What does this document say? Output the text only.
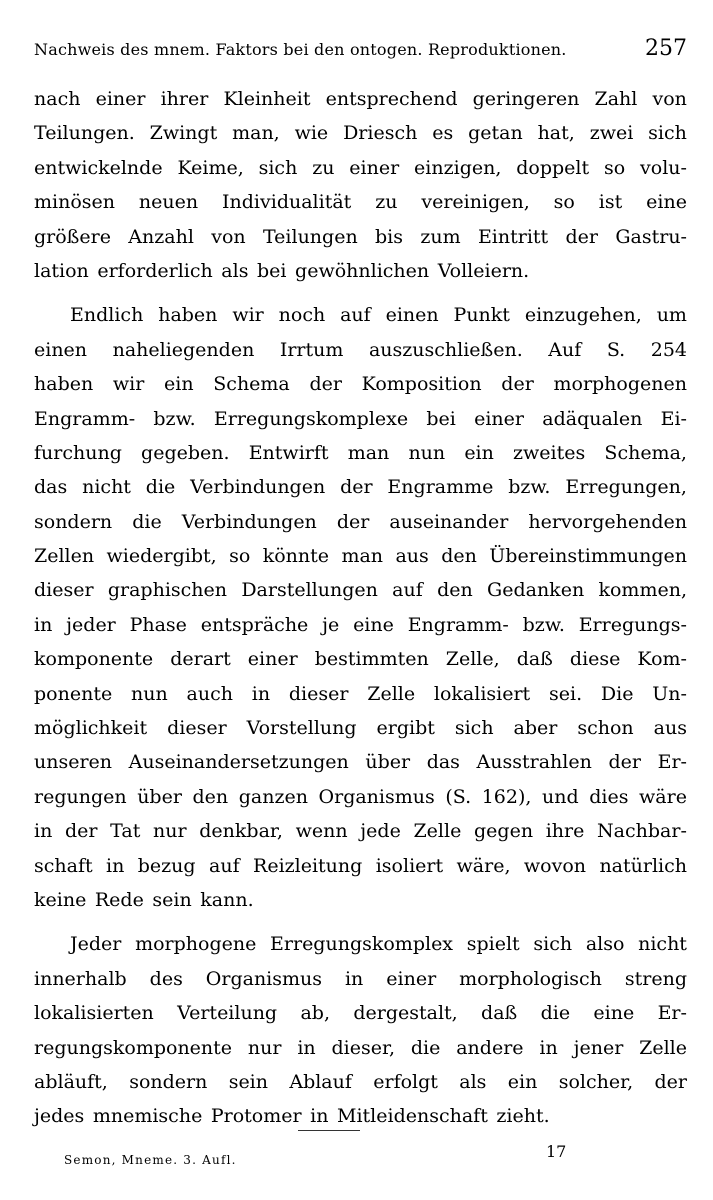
Nachweis des mnem. Faktors bei den ontogen. Reproduktionen.	257
nach einer ihrer Kleinheit entsprechend geringeren Zahl von
Teilungen. Zwingt man, wie Driesch es getan hat, zwei sich
entwickelnde Keime, sich zu einer einzigen, doppelt so volu-
minösen neuen Individualität zu vereinigen, so ist eine
größere Anzahl von Teilungen bis zum Eintritt der Gastru-
lation erforderlich als bei gewöhnlichen Volleiern.
Endlich haben wir noch auf einen Punkt einzugehen, um
einen naheliegenden Irrtum auszuschließen. Auf S. 254
haben wir ein Schema der Komposition der morphogenen
Engramm- bzw. Erregungskomplexe bei einer adäqualen Ei-
furchung gegeben. Entwirft man nun ein zweites Schema,
das nicht die Verbindungen der Engramme bzw. Erregungen,
sondern die Verbindungen der auseinander hervorgehenden
Zellen wiedergibt, so könnte man aus den Übereinstimmungen
dieser graphischen Darstellungen auf den Gedanken kommen,
in jeder Phase entspräche je eine Engramm- bzw. Erregungs-
komponente derart einer bestimmten Zelle, daß diese Kom-
ponente nun auch in dieser Zelle lokalisiert sei. Die Un-
möglichkeit dieser Vorstellung ergibt sich aber schon aus
unseren Auseinandersetzungen über das Ausstrahlen der Er-
regungen über den ganzen Organismus (S. 162), und dies wäre
in der Tat nur denkbar, wenn jede Zelle gegen ihre Nachbar-
schaft in bezug auf Reizleitung isoliert wäre, wovon natürlich
keine Rede sein kann.
Jeder morphogene Erregungskomplex spielt sich also nicht
innerhalb des Organismus in einer morphologisch streng
lokalisierten Verteilung ab, dergestalt, daß die eine Er-
regungskomponente nur in dieser, die andere in jener Zelle
abläuft, sondern sein Ablauf erfolgt als ein solcher, der
jedes mnemische Protomer in Mitleidenschaft zieht.
Semon, Mneme. 3. Aufl.	17
